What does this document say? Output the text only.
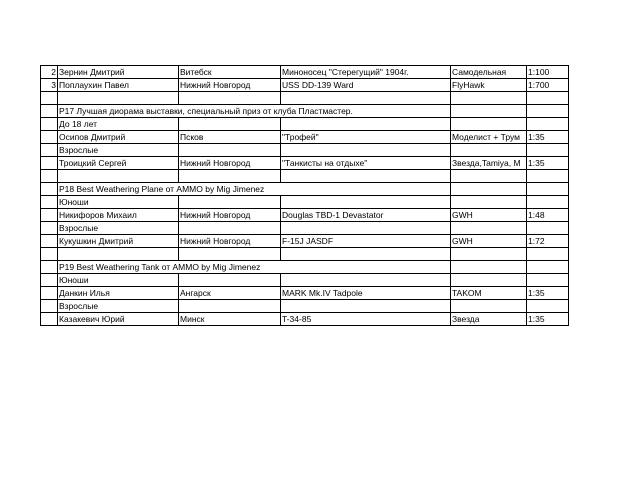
2	Зернин Дмитрий	Витебск	Миноносец "Стерегущий" 1904г.	Самодельная	1:100
3	Поплаухин Павел	Нижний Новгород	USS DD-139 Ward	FlyHawk	1:700

	P17 Лучшая диорама выставки, специальный приз от клуба Пластмастер.				
	До 18 лет				
	Осипов Дмитрий	Псков	"Трофей"	Моделист + Трум	1:35
	Взрослые				
	Троицкий Сергей	Нижний Новгород	"Танкисты на отдыхе"	Звезда,Tamiya, M	1:35

	P18 Best Weathering Plane от AMMO by Mig Jimenez				
	Юноши				
	Никифоров Михаил	Нижний Новгород	Douglas TBD-1 Devastator	GWH	1:48
	Взрослые				
	Кукушкин Дмитрий	Нижний Новгород	F-15J JASDF	GWH	1:72

	P19 Best Weathering Tank от AMMO by Mig Jimenez				
	Юноши				
	Данкин Илья	Ангарск	MARK Mk.IV Tadpole	TAKOM	1:35
	Взрослые				
	Казакевич Юрий	Минск	T-34-85	Звезда	1:35
